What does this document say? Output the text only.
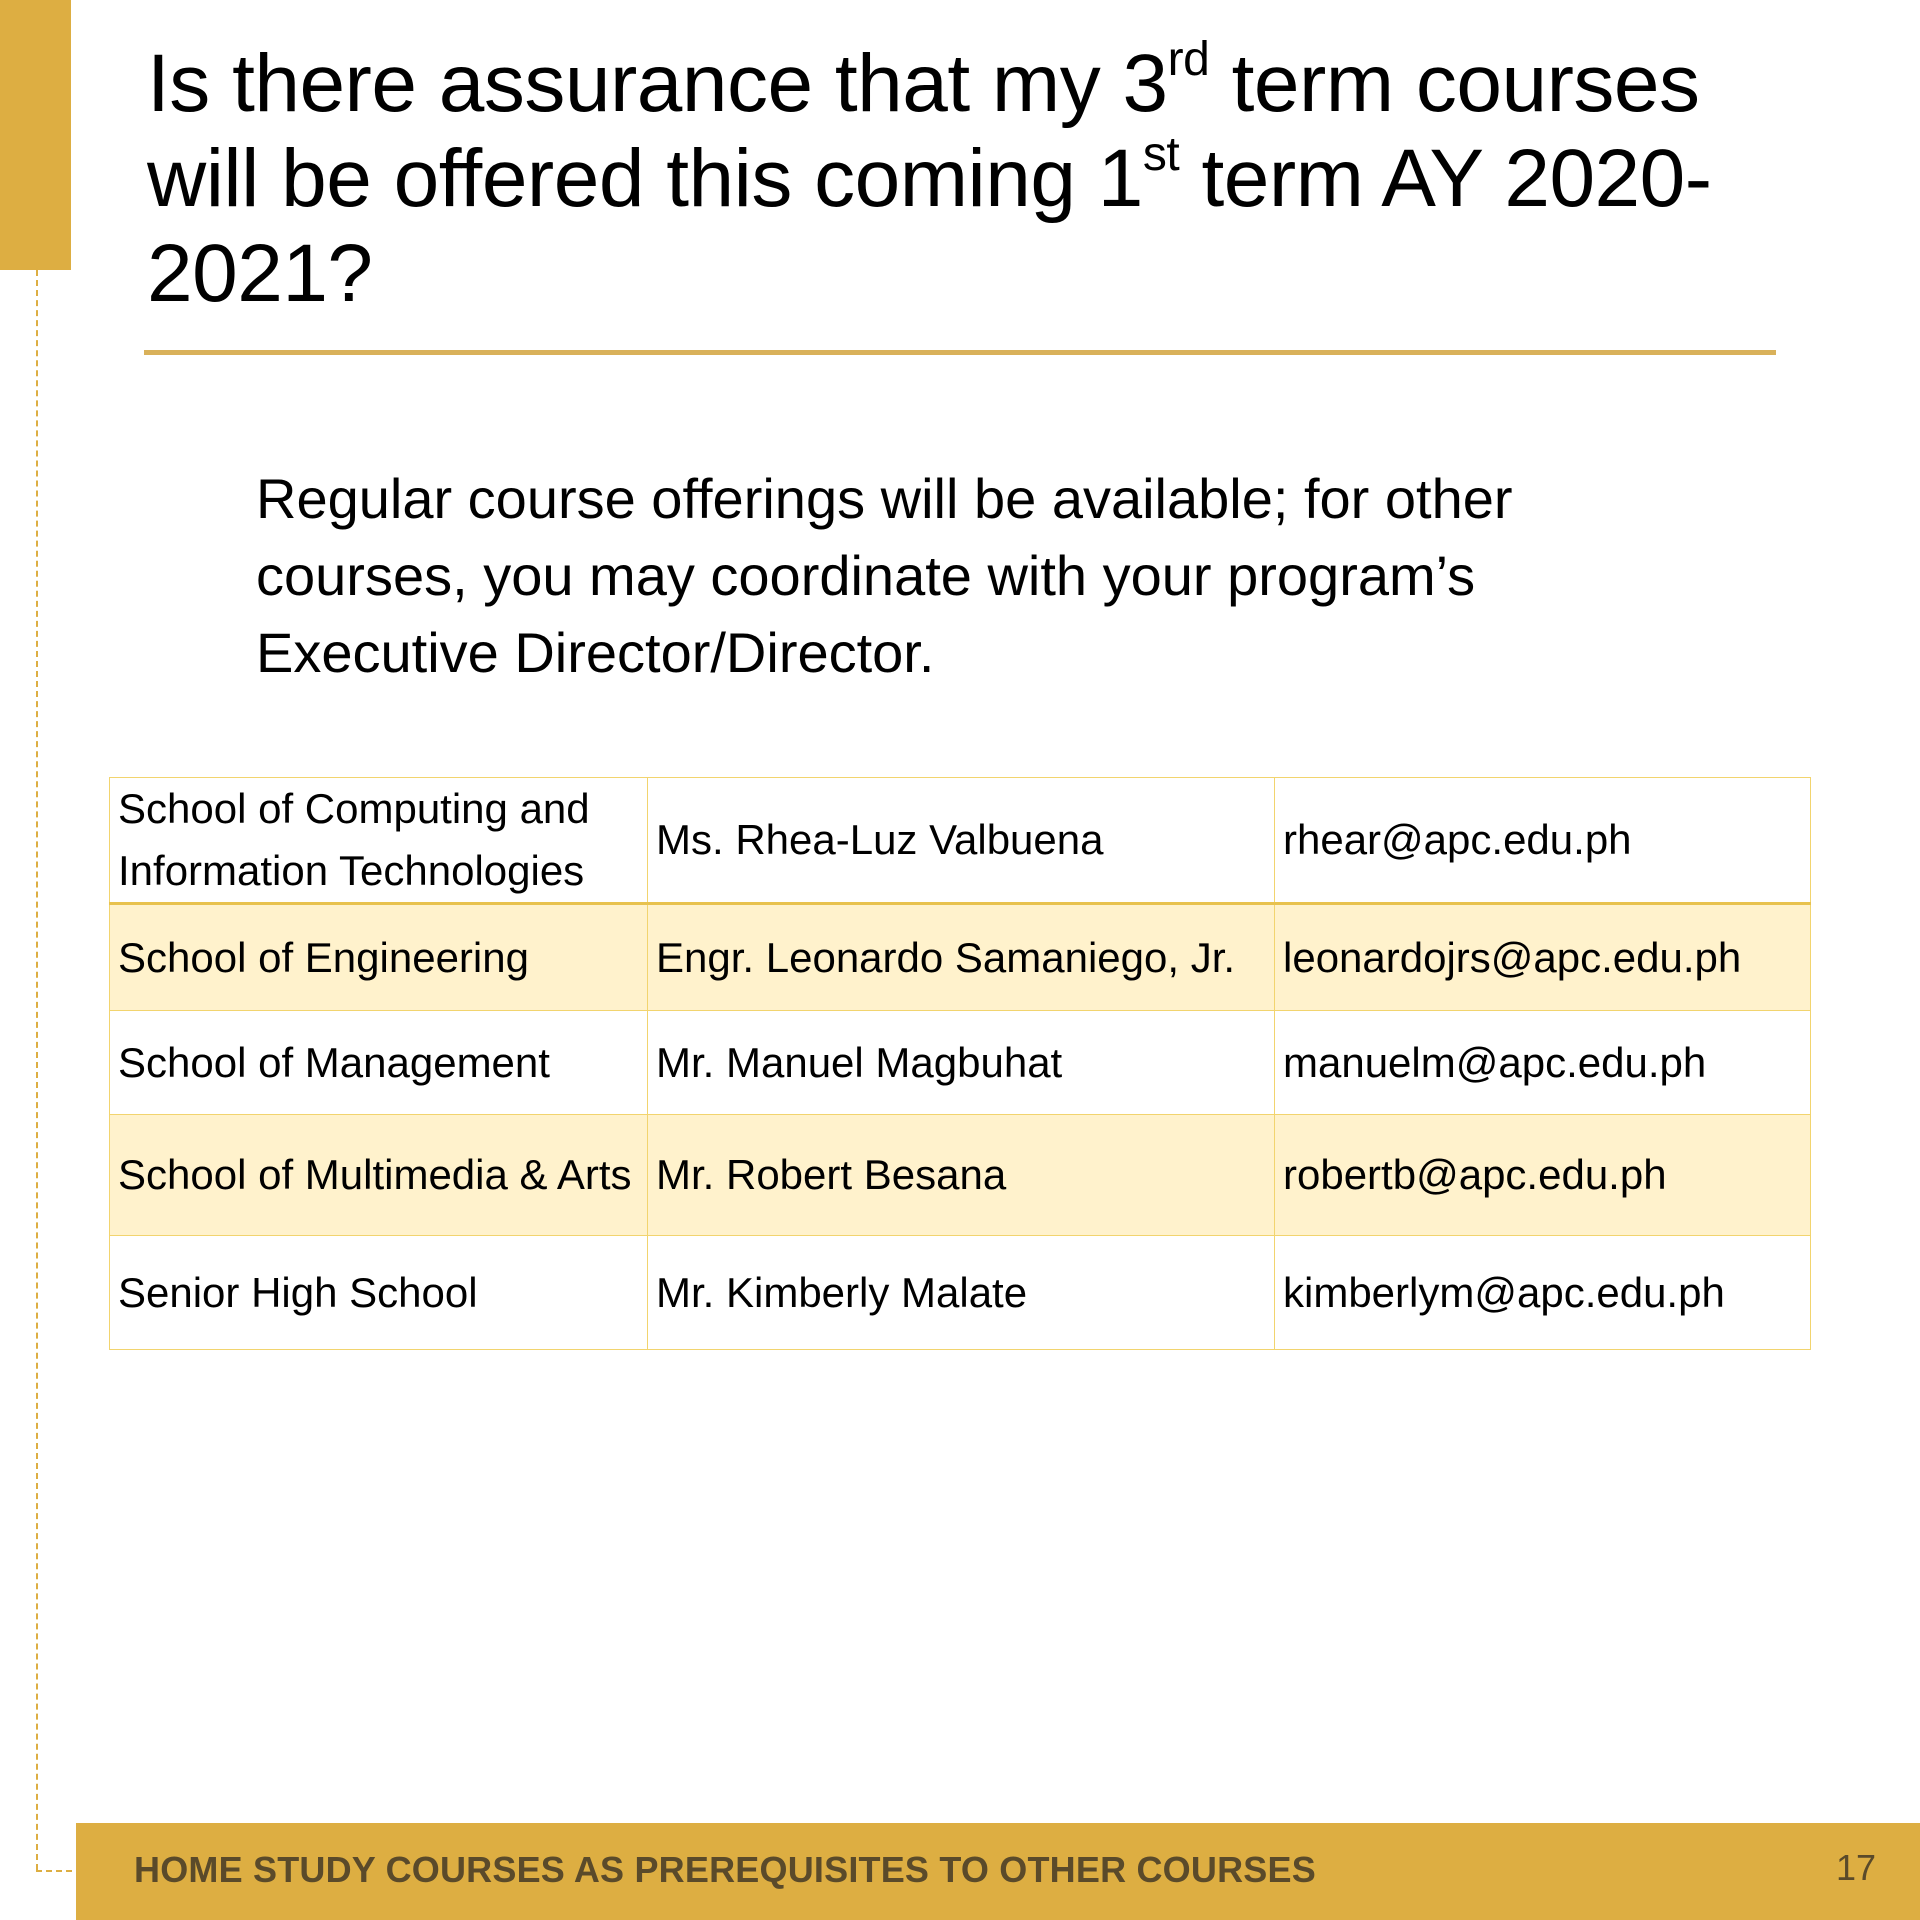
Is there assurance that my 3rd term courses will be offered this coming 1st term AY 2020-2021?

Regular course offerings will be available; for other courses, you may coordinate with your program’s Executive Director/Director.

School of Computing and Information Technologies	Ms. Rhea-Luz Valbuena	rhear@apc.edu.ph
School of Engineering	Engr. Leonardo Samaniego, Jr.	leonardojrs@apc.edu.ph
School of Management	Mr. Manuel Magbuhat	manuelm@apc.edu.ph
School of Multimedia & Arts	Mr. Robert Besana	robertb@apc.edu.ph
Senior High School	Mr. Kimberly Malate	kimberlym@apc.edu.ph
HOME STUDY COURSES AS PREREQUISITES TO OTHER COURSES	17
